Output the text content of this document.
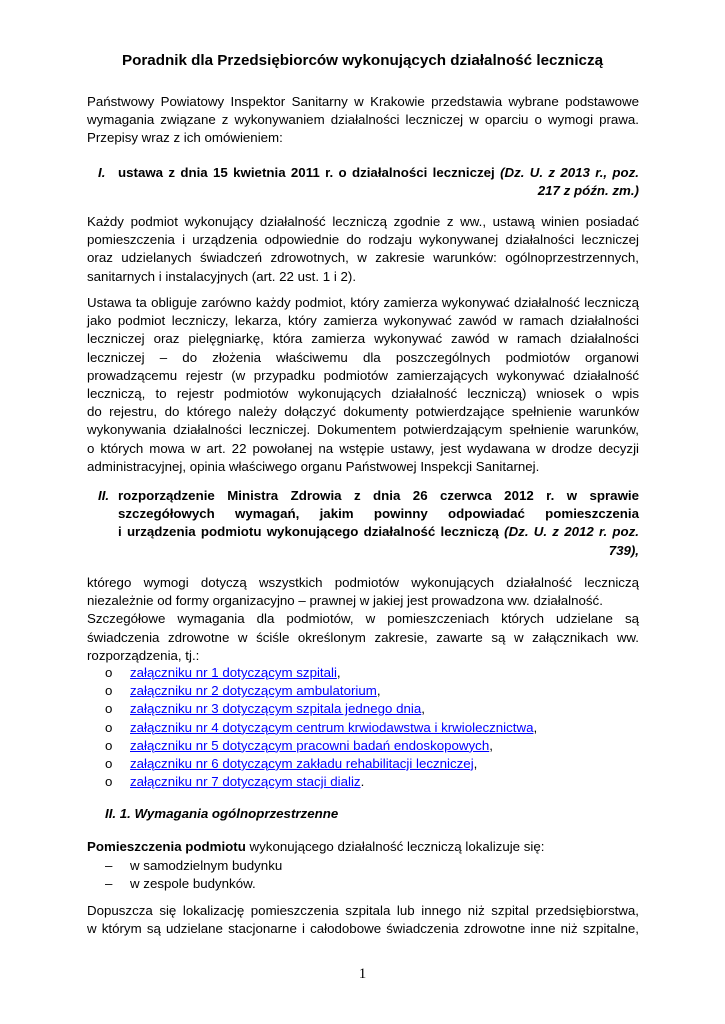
Poradnik dla Przedsiębiorców wykonujących działalność leczniczą
Państwowy Powiatowy Inspektor Sanitarny w Krakowie przedstawia wybrane podstawowe
wymagania związane z wykonywaniem działalności leczniczej w oparciu o wymogi prawa.
Przepisy wraz z ich omówieniem:
I. ustawa z dnia 15 kwietnia 2011 r. o działalności leczniczej (Dz. U. z 2013 r., poz.
217 z późn. zm.)
Każdy podmiot wykonujący działalność leczniczą zgodnie z ww., ustawą winien posiadać
pomieszczenia i urządzenia odpowiednie do rodzaju wykonywanej działalności leczniczej
oraz udzielanych świadczeń zdrowotnych, w zakresie warunków: ogólnoprzestrzennych,
sanitarnych i instalacyjnych (art. 22 ust. 1 i 2).
Ustawa ta obliguje zarówno każdy podmiot, który zamierza wykonywać działalność leczniczą
jako podmiot leczniczy, lekarza, który zamierza wykonywać zawód w ramach działalności
leczniczej oraz pielęgniarkę, która zamierza wykonywać zawód w ramach działalności
leczniczej – do złożenia właściwemu dla poszczególnych podmiotów organowi
prowadzącemu rejestr (w przypadku podmiotów zamierzających wykonywać działalność
leczniczą, to rejestr podmiotów wykonujących działalność leczniczą) wniosek o wpis
do rejestru, do którego należy dołączyć dokumenty potwierdzające spełnienie warunków
wykonywania działalności leczniczej. Dokumentem potwierdzającym spełnienie warunków,
o których mowa w art. 22 powołanej na wstępie ustawy, jest wydawana w drodze decyzji
administracyjnej, opinia właściwego organu Państwowej Inspekcji Sanitarnej.
II. rozporządzenie Ministra Zdrowia z dnia 26 czerwca 2012 r. w sprawie
szczegółowych wymagań, jakim powinny odpowiadać pomieszczenia
i urządzenia podmiotu wykonującego działalność leczniczą (Dz. U. z 2012 r. poz.
739),
którego wymogi dotyczą wszystkich podmiotów wykonujących działalność leczniczą
niezależnie od formy organizacyjno – prawnej w jakiej jest prowadzona ww. działalność.
Szczegółowe wymagania dla podmiotów, w pomieszczeniach których udzielane są
świadczenia zdrowotne w ściśle określonym zakresie, zawarte są w załącznikach ww.
rozporządzenia, tj.:
o załączniku nr 1 dotyczącym szpitali,
o załączniku nr 2 dotyczącym ambulatorium,
o załączniku nr 3 dotyczącym szpitala jednego dnia,
o załączniku nr 4 dotyczącym centrum krwiodawstwa i krwiolecznictwa,
o załączniku nr 5 dotyczącym pracowni badań endoskopowych,
o załączniku nr 6 dotyczącym zakładu rehabilitacji leczniczej,
o załączniku nr 7 dotyczącym stacji dializ.
II. 1. Wymagania ogólnoprzestrzenne
Pomieszczenia podmiotu wykonującego działalność leczniczą lokalizuje się:
– w samodzielnym budynku
– w zespole budynków.
Dopuszcza się lokalizację pomieszczenia szpitala lub innego niż szpital przedsiębiorstwa,
w którym są udzielane stacjonarne i całodobowe świadczenia zdrowotne inne niż szpitalne,
1
